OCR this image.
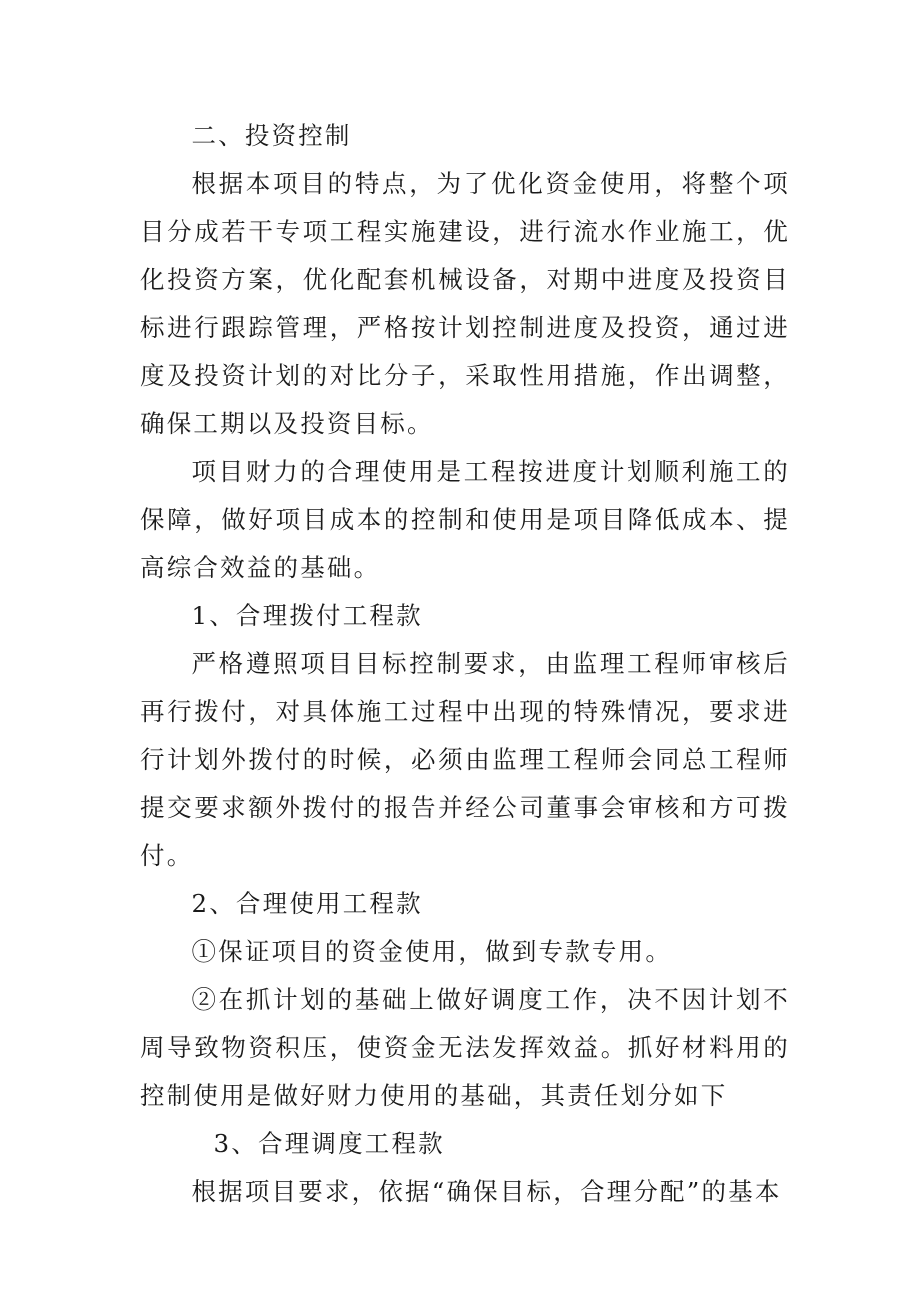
二、投资控制

根据本项目的特点，为了优化资金使用，将整个项目分成若干专项工程实施建设，进行流水作业施工，优化投资方案，优化配套机械设备，对期中进度及投资目标进行跟踪管理，严格按计划控制进度及投资，通过进度及投资计划的对比分子，采取性用措施，作出调整，确保工期以及投资目标。

项目财力的合理使用是工程按进度计划顺利施工的保障，做好项目成本的控制和使用是项目降低成本、提高综合效益的基础。

1、合理拨付工程款

严格遵照项目目标控制要求，由监理工程师审核后再行拨付，对具体施工过程中出现的特殊情况，要求进行计划外拨付的时候，必须由监理工程师会同总工程师提交要求额外拨付的报告并经公司董事会审核和方可拨付。

2、合理使用工程款

①保证项目的资金使用，做到专款专用。

②在抓计划的基础上做好调度工作，决不因计划不周导致物资积压，使资金无法发挥效益。抓好材料用的控制使用是做好财力使用的基础，其责任划分如下

3、合理调度工程款

根据项目要求，依据“确保目标，合理分配”的基本
